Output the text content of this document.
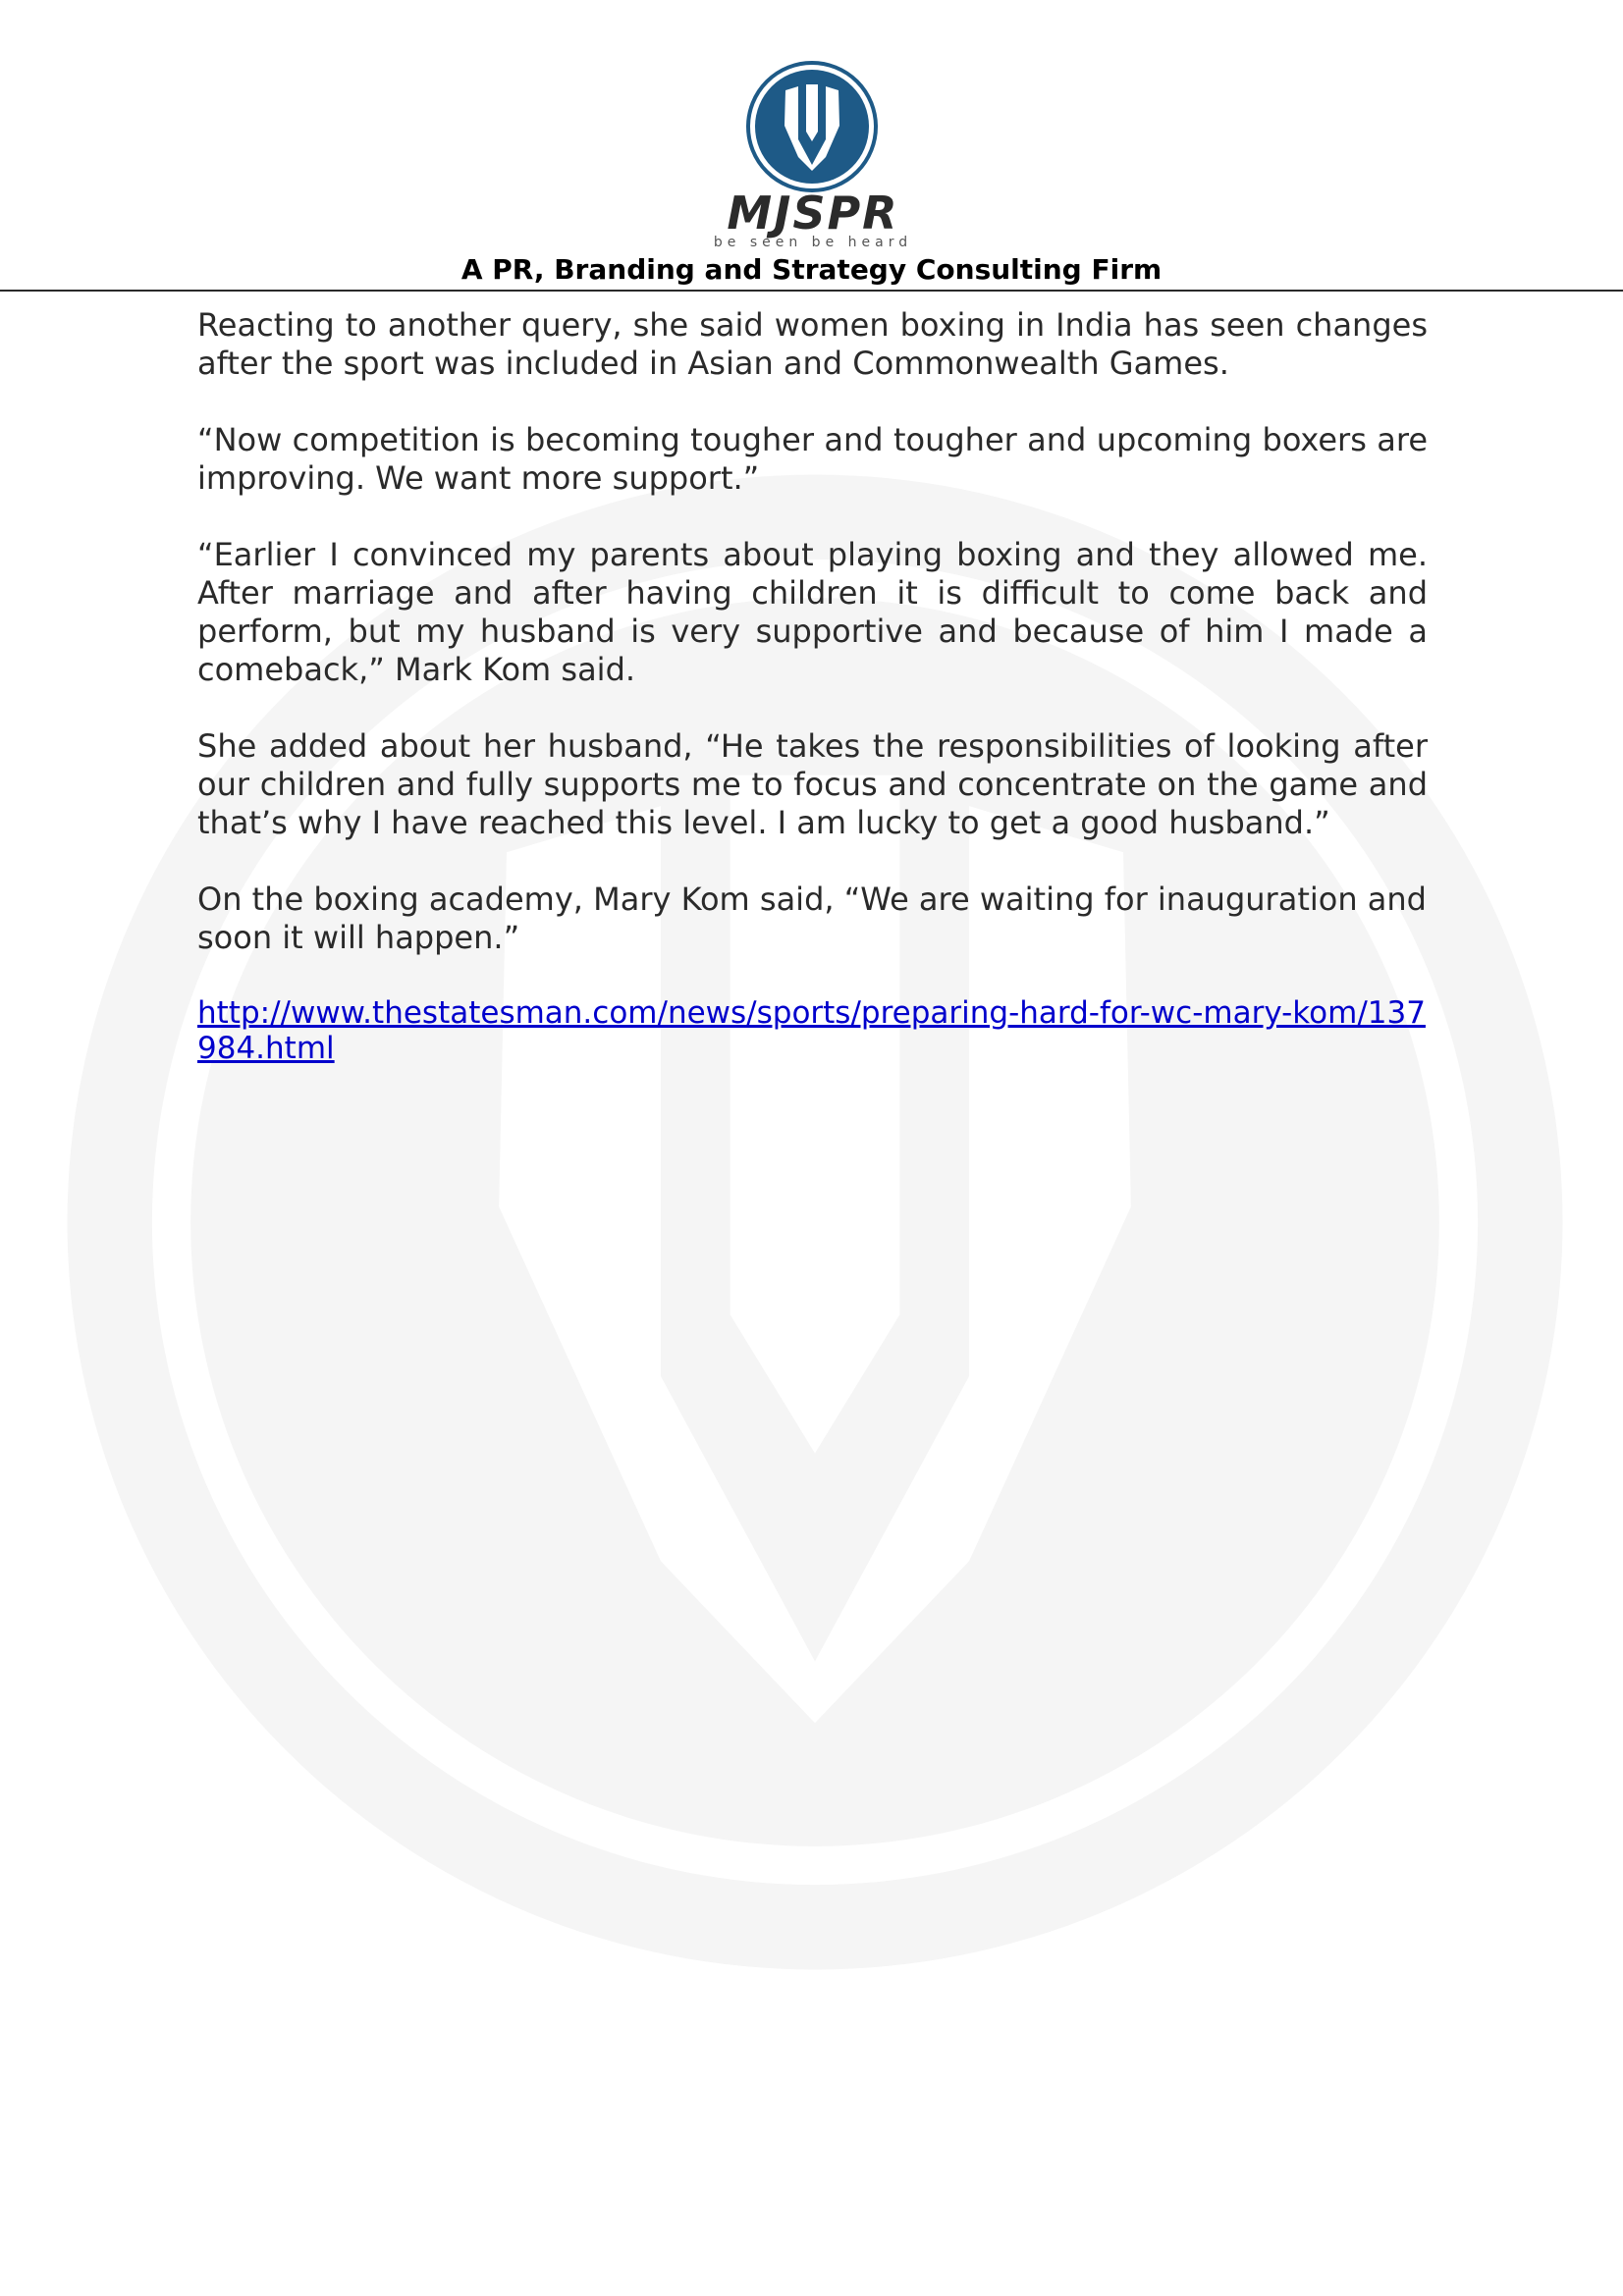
MJSPR
be seen be heard
A PR, Branding and Strategy Consulting Firm

Reacting to another query, she said women boxing in India has seen changes after the sport was included in Asian and Commonwealth Games.

“Now competition is becoming tougher and tougher and upcoming boxers are improving. We want more support.”

“Earlier I convinced my parents about playing boxing and they allowed me. After marriage and after having children it is difficult to come back and perform, but my husband is very supportive and because of him I made a comeback,” Mark Kom said.

She added about her husband, “He takes the responsibilities of looking after our children and fully supports me to focus and concentrate on the game and that’s why I have reached this level. I am lucky to get a good husband.”

On the boxing academy, Mary Kom said, “We are waiting for inauguration and soon it will happen.”

http://www.thestatesman.com/news/sports/preparing-hard-for-wc-mary-kom/137984.html
